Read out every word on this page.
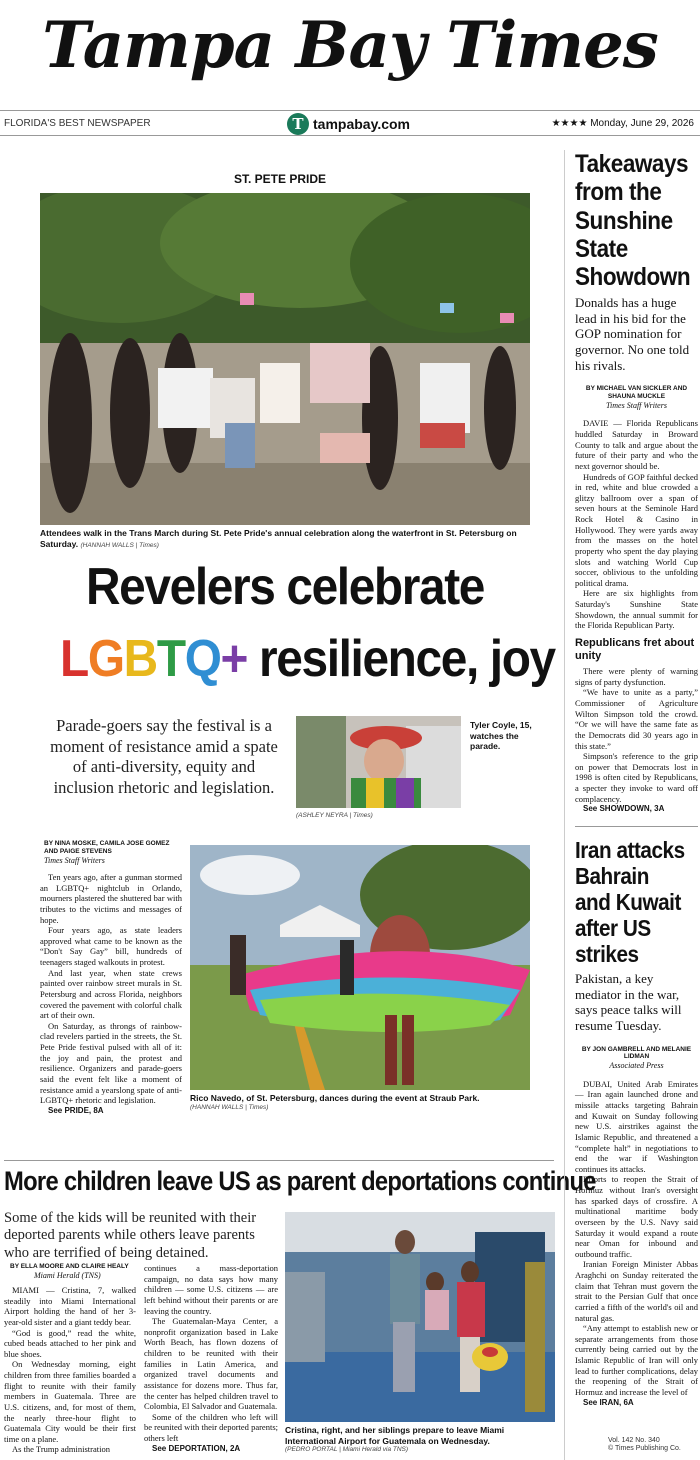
Tampa Bay Times
FLORIDA'S BEST NEWSPAPER	T tampabay.com	★★★★ Monday, June 29, 2026
ST. PETE PRIDE
Attendees walk in the Trans March during St. Pete Pride's annual celebration along the waterfront in St. Petersburg on Saturday. (HANNAH WALLS | Times)
Revelers celebrate
LGBTQ+ resilience, joy
Parade-goers say the festival is a moment of resistance amid a spate of anti-diversity, equity and inclusion rhetoric and legislation.
Tyler Coyle, 15, watches the parade.
(ASHLEY NEYRA | Times)
BY NINA MOSKE, CAMILA JOSE GOMEZ AND PAIGE STEVENS
Times Staff Writers

Ten years ago, after a gunman stormed an LGBTQ+ nightclub in Orlando, mourners plastered the shuttered bar with tributes to the victims and messages of hope.

Four years ago, as state leaders approved what came to be known as the “Don't Say Gay” bill, hundreds of teenagers staged walkouts in protest.

And last year, when state crews painted over rainbow street murals in St. Petersburg and across Florida, neighbors covered the pavement with colorful chalk art of their own.

On Saturday, as throngs of rainbow-clad revelers partied in the streets, the St. Pete Pride festival pulsed with all of it: the joy and pain, the protest and resilience. Organizers and parade-goers said the event felt like a moment of resistance amid a yearslong spate of anti-LGBTQ+ rhetoric and legislation.

See PRIDE, 8A

Rico Navedo, of St. Petersburg, dances during the event at Straub Park.
(HANNAH WALLS | Times)
More children leave US as parent deportations continue
Some of the kids will be reunited with their deported parents while others leave parents who are terrified of being detained.
BY ELLA MOORE AND CLAIRE HEALY
Miami Herald (TNS)

MIAMI — Cristina, 7, walked steadily into Miami International Airport holding the hand of her 3-year-old sister and a giant teddy bear.

“God is good,” read the white, cubed beads attached to her pink and blue shoes.

On Wednesday morning, eight children from three families boarded a flight to reunite with their family members in Guatemala. Three are U.S. citizens, and, for most of them, the nearly three-hour flight to Guatemala City would be their first time on a plane.

As the Trump administration

continues a mass-deportation campaign, no data says how many children — some U.S. citizens — are left behind without their parents or are leaving the country.

The Guatemalan-Maya Center, a nonprofit organization based in Lake Worth Beach, has flown dozens of children to be reunited with their families in Latin America, and organized travel documents and assistance for dozens more. Thus far, the center has helped children travel to Colombia, El Salvador and Guatemala.

Some of the children who left will be reunited with their deported parents; others left

See DEPORTATION, 2A

Cristina, right, and her siblings prepare to leave Miami International Airport for Guatemala on Wednesday.
(PEDRO PORTAL | Miami Herald via TNS)
Takeaways from the Sunshine State Showdown
Donalds has a huge lead in his bid for the GOP nomination for governor. No one told his rivals.
BY MICHAEL VAN SICKLER AND SHAUNA MUCKLE
Times Staff Writers

DAVIE — Florida Republicans huddled Saturday in Broward County to talk and argue about the future of their party and who the next governor should be.

Hundreds of GOP faithful decked in red, white and blue crowded a glitzy ballroom over a span of seven hours at the Seminole Hard Rock Hotel & Casino in Hollywood. They were yards away from the masses on the hotel property who spent the day playing slots and watching World Cup soccer, oblivious to the unfolding political drama.

Here are six highlights from Saturday's Sunshine State Showdown, the annual summit for the Florida Republican Party.

Republicans fret about unity

There were plenty of warning signs of party dysfunction.

“We have to unite as a party,” Commissioner of Agriculture Wilton Simpson told the crowd. “Or we will have the same fate as the Democrats did 30 years ago in this state.”

Simpson's reference to the grip on power that Democrats lost in 1998 is often cited by Republicans, a specter they invoke to ward off complacency.

See SHOWDOWN, 3A

Iran attacks Bahrain and Kuwait after US strikes
Pakistan, a key mediator in the war, says peace talks will resume Tuesday.
BY JON GAMBRELL AND MELANIE LIDMAN
Associated Press

DUBAI, United Arab Emirates — Iran again launched drone and missile attacks targeting Bahrain and Kuwait on Sunday following new U.S. airstrikes against the Islamic Republic, and threatened a “complete halt” in negotiations to end the war if Washington continues its attacks.

Efforts to reopen the Strait of Hormuz without Iran's oversight has sparked days of crossfire. A multinational maritime body overseen by the U.S. Navy said Saturday it would expand a route near Oman for inbound and outbound traffic.

Iranian Foreign Minister Abbas Araghchi on Sunday reiterated the claim that Tehran must govern the strait to the Persian Gulf that once carried a fifth of the world's oil and natural gas.

“Any attempt to establish new or separate arrangements from those currently being carried out by the Islamic Republic of Iran will only lead to further complications, delay the reopening of the Strait of Hormuz and increase the level of

See IRAN, 6A

Vol. 142 No. 340
© Times Publishing Co.
